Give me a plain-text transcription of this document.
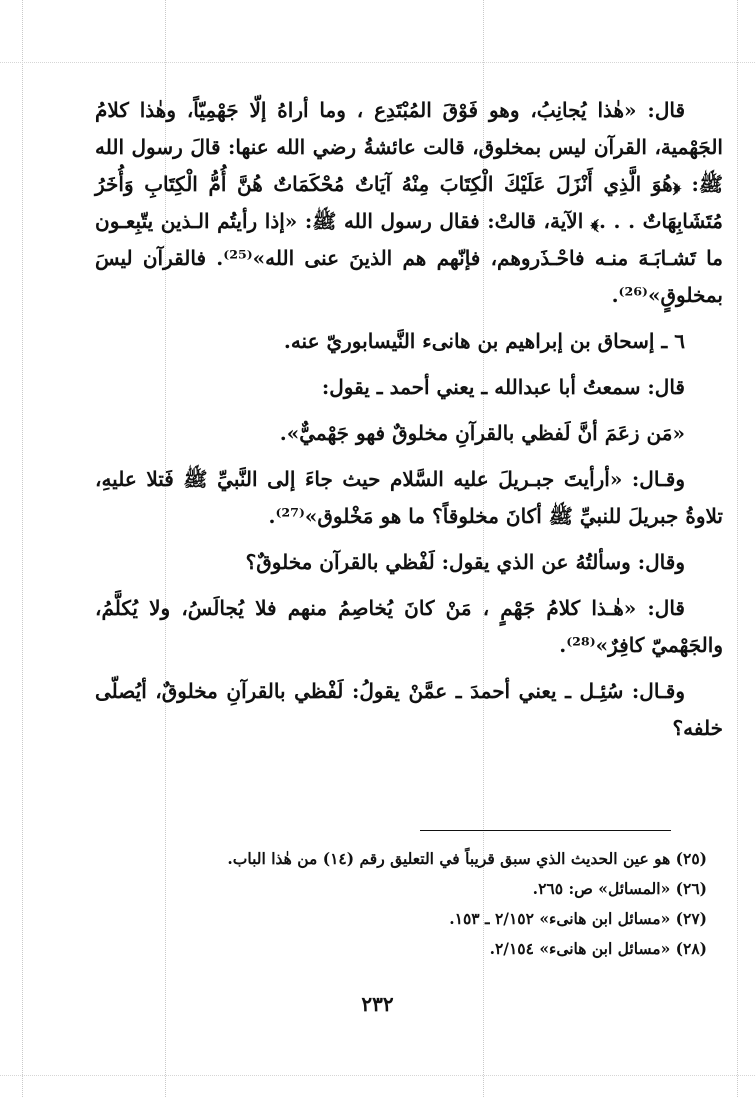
قال: «هٰذا يُجانِبُ، وهو فَوْقَ المُبْتَدِع ، وما أراهُ إلّا جَهْمِيّاً، وهٰذا كلامُ الجَهْمية، القرآن ليس بمخلوق، قالت عائشةُ رضي الله عنها: قالَ رسول الله ﷺ: ﴿هُوَ الَّذِي أَنْزَلَ عَلَيْكَ الْكِتَابَ مِنْهُ آيَاتٌ مُحْكَمَاتٌ هُنَّ أُمُّ الْكِتَابِ وَأُخَرُ مُتَشَابِهَاتٌ . . .﴾ الآية، قالتْ: فقال رسول الله ﷺ: «إذا رأيتُم الـذين يتّبِعـون ما تَشـابَـهَ منـه فاحْـذَروهم، فإنّهم هم الذينَ عنى الله»⁽²⁵⁾. فالقرآن ليسَ بمخلوقٍ»⁽²⁶⁾.

٦ ـ إسحاق بن إبراهيم بن هانىء النَّيسابوريّ عنه.

قال: سمعتُ أبا عبدالله ـ يعني أحمد ـ يقول:

«مَن زعَمَ أنَّ لَفظي بالقرآنِ مخلوقٌ فهو جَهْميٌّ».

وقـال: «أرأيتَ جبـريلَ عليه السَّلام حيث جاءَ إلى النَّبيِّ ﷺ فَتلا عليهِ، تلاوةُ جبريلَ للنبيِّ ﷺ أكانَ مخلوقاً؟ ما هو مَخْلوق»⁽²⁷⁾.

وقال: وسألتُهُ عن الذي يقول: لَفْظي بالقرآن مخلوقٌ؟

قال: «هٰـذا كلامُ جَهْمٍ ، مَنْ كانَ يُخاصِمُ منهم فلا يُجالَسُ، ولا يُكلَّمُ، والجَهْميّ كافِرٌ»⁽²⁸⁾.

وقـال: سُئِـل ـ يعني أحمدَ ـ عمَّنْ يقولُ: لَفْظي بالقرآنِ مخلوقٌ، أيُصلّى خلفه؟

(٢٥) هو عين الحديث الذي سبق قريباً في التعليق رقم (١٤) من هٰذا الباب.

(٢٦) «المسائل» ص: ٢٦٥.

(٢٧) «مسائل ابن هانىء» ٢/١٥٢ ـ ١٥٣.

(٢٨) «مسائل ابن هانىء» ٢/١٥٤.

٢٣٢
